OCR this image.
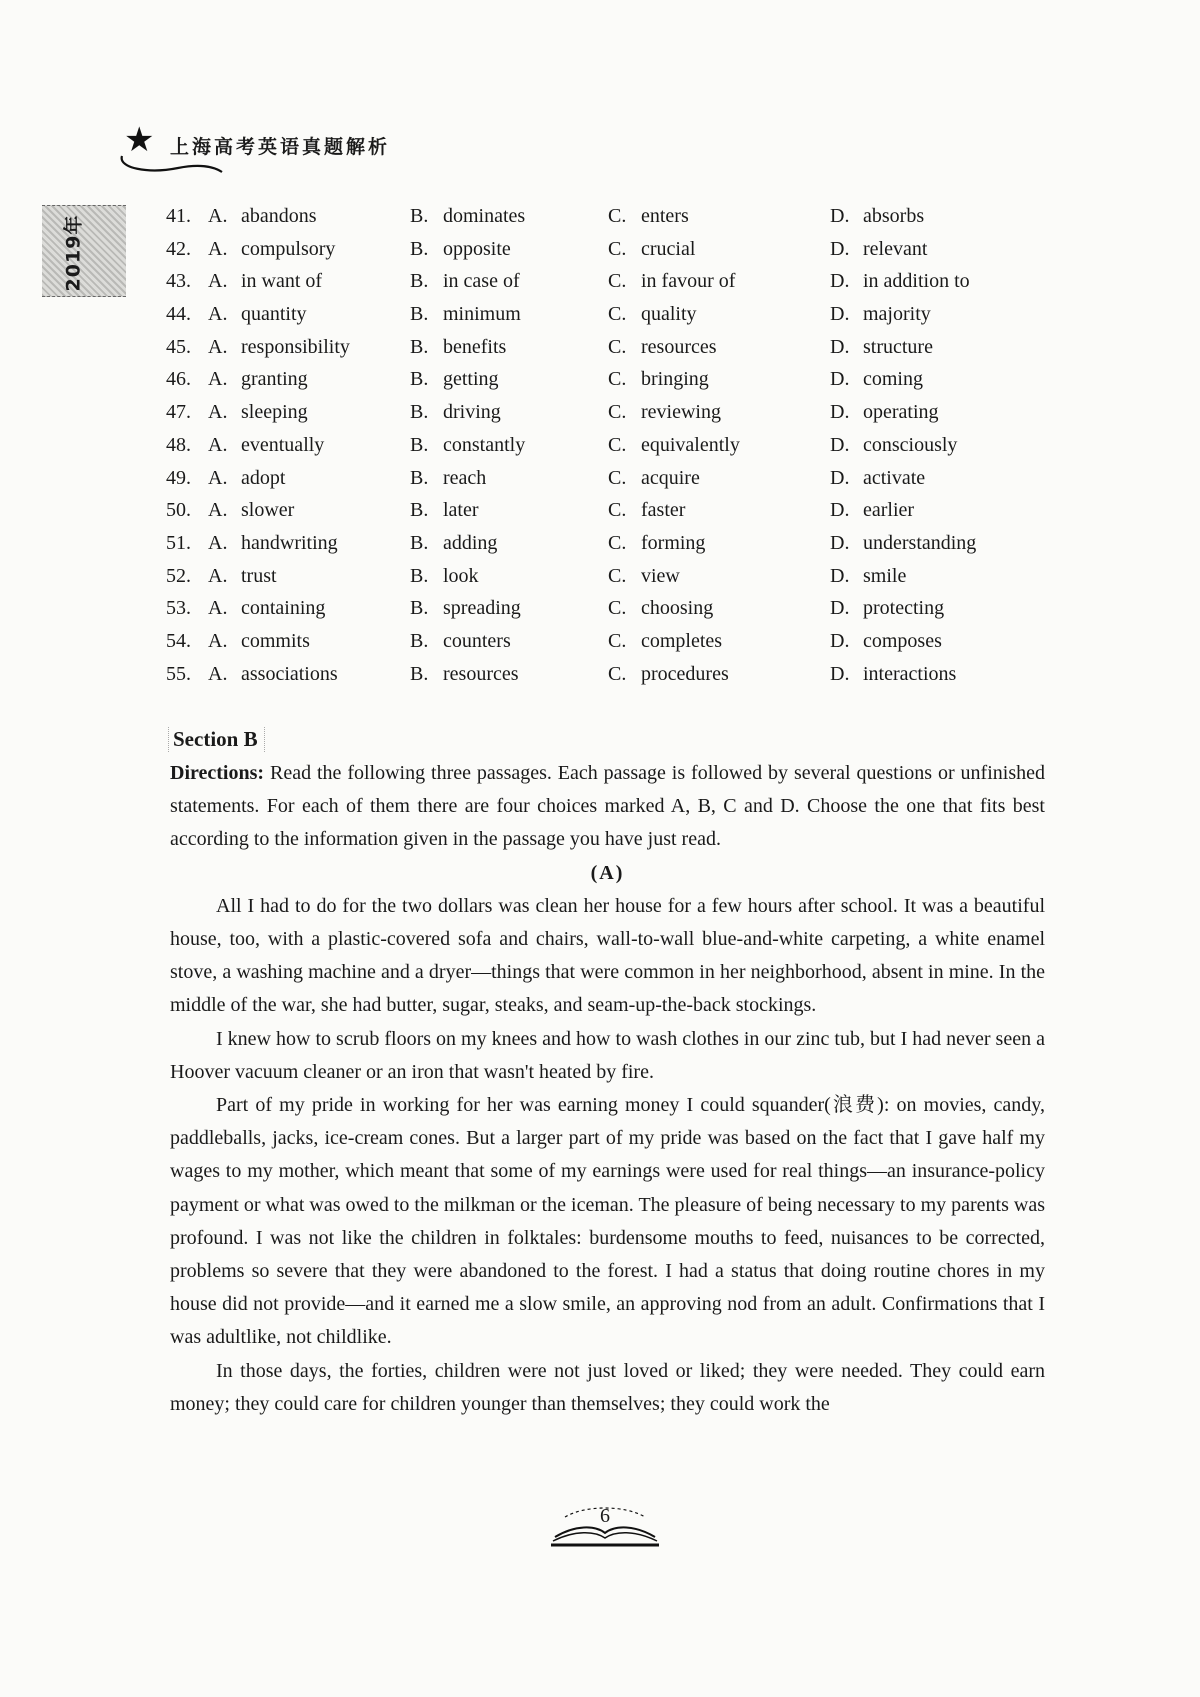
★ 上海高考英语真题解析
2019年	41. A. abandons	B. dominates	C. enters	D. absorbs
42. A. compulsory	B. opposite	C. crucial	D. relevant
43. A. in want of	B. in case of	C. in favour of	D. in addition to
44. A. quantity	B. minimum	C. quality	D. majority
45. A. responsibility	B. benefits	C. resources	D. structure
46. A. granting	B. getting	C. bringing	D. coming
47. A. sleeping	B. driving	C. reviewing	D. operating
48. A. eventually	B. constantly	C. equivalently	D. consciously
49. A. adopt	B. reach	C. acquire	D. activate
50. A. slower	B. later	C. faster	D. earlier
51. A. handwriting	B. adding	C. forming	D. understanding
52. A. trust	B. look	C. view	D. smile
53. A. containing	B. spreading	C. choosing	D. protecting
54. A. commits	B. counters	C. completes	D. composes
55. A. associations	B. resources	C. procedures	D. interactions
Section B

Directions: Read the following three passages. Each passage is followed by several questions or unfinished statements. For each of them there are four choices marked A, B, C and D. Choose the one that fits best according to the information given in the passage you have just read.

(A)

All I had to do for the two dollars was clean her house for a few hours after school. It was a beautiful house, too, with a plastic-covered sofa and chairs, wall-to-wall blue-and-white carpeting, a white enamel stove, a washing machine and a dryer—things that were common in her neighborhood, absent in mine. In the middle of the war, she had butter, sugar, steaks, and seam-up-the-back stockings.

I knew how to scrub floors on my knees and how to wash clothes in our zinc tub, but I had never seen a Hoover vacuum cleaner or an iron that wasn't heated by fire.

Part of my pride in working for her was earning money I could squander(浪费): on movies, candy, paddleballs, jacks, ice-cream cones. But a larger part of my pride was based on the fact that I gave half my wages to my mother, which meant that some of my earnings were used for real things—an insurance-policy payment or what was owed to the milkman or the iceman. The pleasure of being necessary to my parents was profound. I was not like the children in folktales: burdensome mouths to feed, nuisances to be corrected, problems so severe that they were abandoned to the forest. I had a status that doing routine chores in my house did not provide—and it earned me a slow smile, an approving nod from an adult. Confirmations that I was adultlike, not childlike.

In those days, the forties, children were not just loved or liked; they were needed. They could earn money; they could care for children younger than themselves; they could work the

6
